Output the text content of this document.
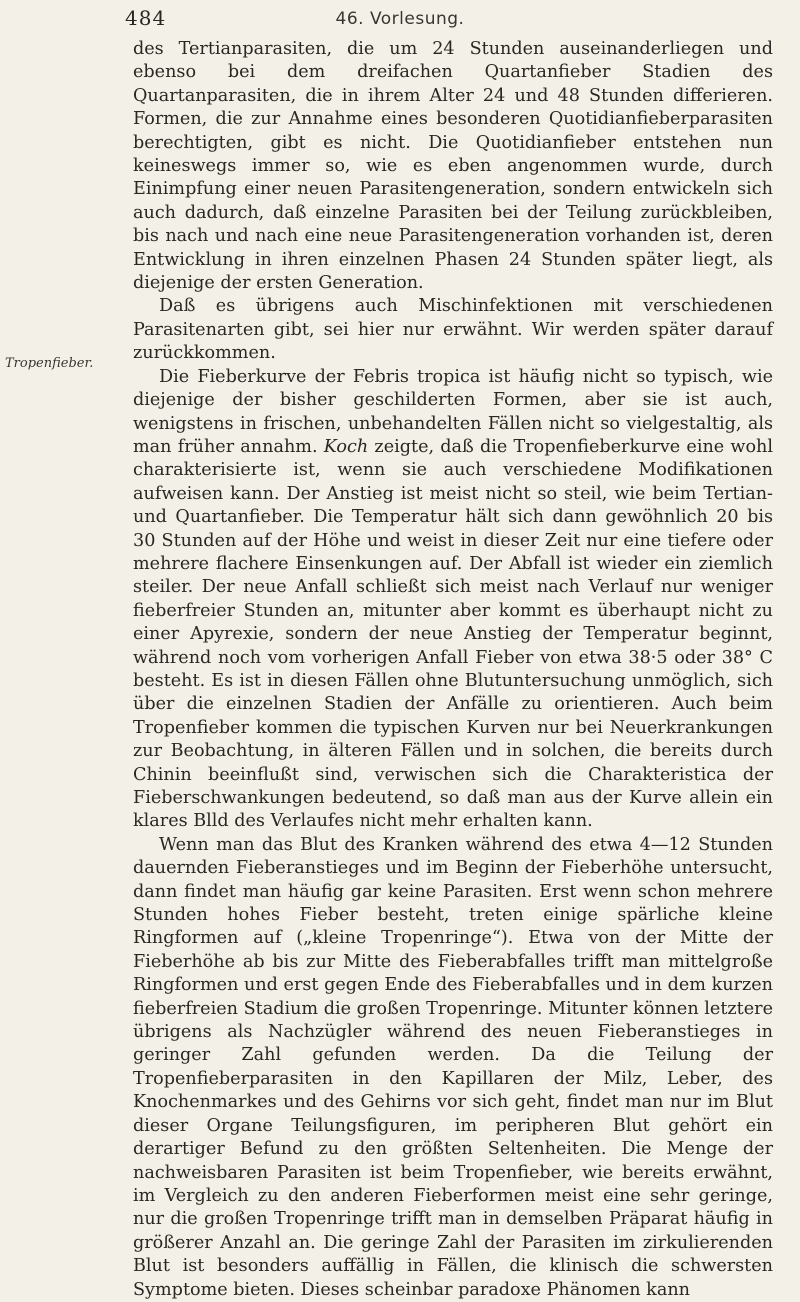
484	46. Vorlesung.
Tropenfieber.

des Tertianparasiten, die um 24 Stunden auseinanderliegen und ebenso bei dem dreifachen Quartanfieber Stadien des Quartanparasiten, die in ihrem Alter 24 und 48 Stunden differieren. Formen, die zur Annahme eines besonderen Quotidianfieberparasiten berechtigten, gibt es nicht. Die Quotidianfieber entstehen nun keineswegs immer so, wie es eben angenommen wurde, durch Einimpfung einer neuen Parasitengeneration, sondern entwickeln sich auch dadurch, daß einzelne Parasiten bei der Teilung zurückbleiben, bis nach und nach eine neue Parasitengeneration vorhanden ist, deren Entwicklung in ihren einzelnen Phasen 24 Stunden später liegt, als diejenige der ersten Generation.

Daß es übrigens auch Mischinfektionen mit verschiedenen Parasitenarten gibt, sei hier nur erwähnt. Wir werden später darauf zurückkommen.

Die Fieberkurve der Febris tropica ist häufig nicht so typisch, wie diejenige der bisher geschilderten Formen, aber sie ist auch, wenigstens in frischen, unbehandelten Fällen nicht so vielgestaltig, als man früher annahm. Koch zeigte, daß die Tropenfieberkurve eine wohl charakterisierte ist, wenn sie auch verschiedene Modifikationen aufweisen kann. Der Anstieg ist meist nicht so steil, wie beim Tertian- und Quartanfieber. Die Temperatur hält sich dann gewöhnlich 20 bis 30 Stunden auf der Höhe und weist in dieser Zeit nur eine tiefere oder mehrere flachere Einsenkungen auf. Der Abfall ist wieder ein ziemlich steiler. Der neue Anfall schließt sich meist nach Verlauf nur weniger fieberfreier Stunden an, mitunter aber kommt es überhaupt nicht zu einer Apyrexie, sondern der neue Anstieg der Temperatur beginnt, während noch vom vorherigen Anfall Fieber von etwa 38·5 oder 38° C besteht. Es ist in diesen Fällen ohne Blutuntersuchung unmöglich, sich über die einzelnen Stadien der Anfälle zu orientieren. Auch beim Tropenfieber kommen die typischen Kurven nur bei Neuerkrankungen zur Beobachtung, in älteren Fällen und in solchen, die bereits durch Chinin beeinflußt sind, verwischen sich die Charakteristica der Fieberschwankungen bedeutend, so daß man aus der Kurve allein ein klares Blld des Verlaufes nicht mehr erhalten kann.

Wenn man das Blut des Kranken während des etwa 4—12 Stunden dauernden Fieberanstieges und im Beginn der Fieberhöhe untersucht, dann findet man häufig gar keine Parasiten. Erst wenn schon mehrere Stunden hohes Fieber besteht, treten einige spärliche kleine Ringformen auf („kleine Tropenringe“). Etwa von der Mitte der Fieberhöhe ab bis zur Mitte des Fieberabfalles trifft man mittelgroße Ringformen und erst gegen Ende des Fieberabfalles und in dem kurzen fieberfreien Stadium die großen Tropenringe. Mitunter können letztere übrigens als Nachzügler während des neuen Fieberanstieges in geringer Zahl gefunden werden. Da die Teilung der Tropenfieberparasiten in den Kapillaren der Milz, Leber, des Knochenmarkes und des Gehirns vor sich geht, findet man nur im Blut dieser Organe Teilungsfiguren, im peripheren Blut gehört ein derartiger Befund zu den größten Seltenheiten. Die Menge der nachweisbaren Parasiten ist beim Tropenfieber, wie bereits erwähnt, im Vergleich zu den anderen Fieberformen meist eine sehr geringe, nur die großen Tropenringe trifft man in demselben Präparat häufig in größerer Anzahl an. Die geringe Zahl der Parasiten im zirkulierenden Blut ist besonders auffällig in Fällen, die klinisch die schwersten Symptome bieten. Dieses scheinbar paradoxe Phänomen kann
